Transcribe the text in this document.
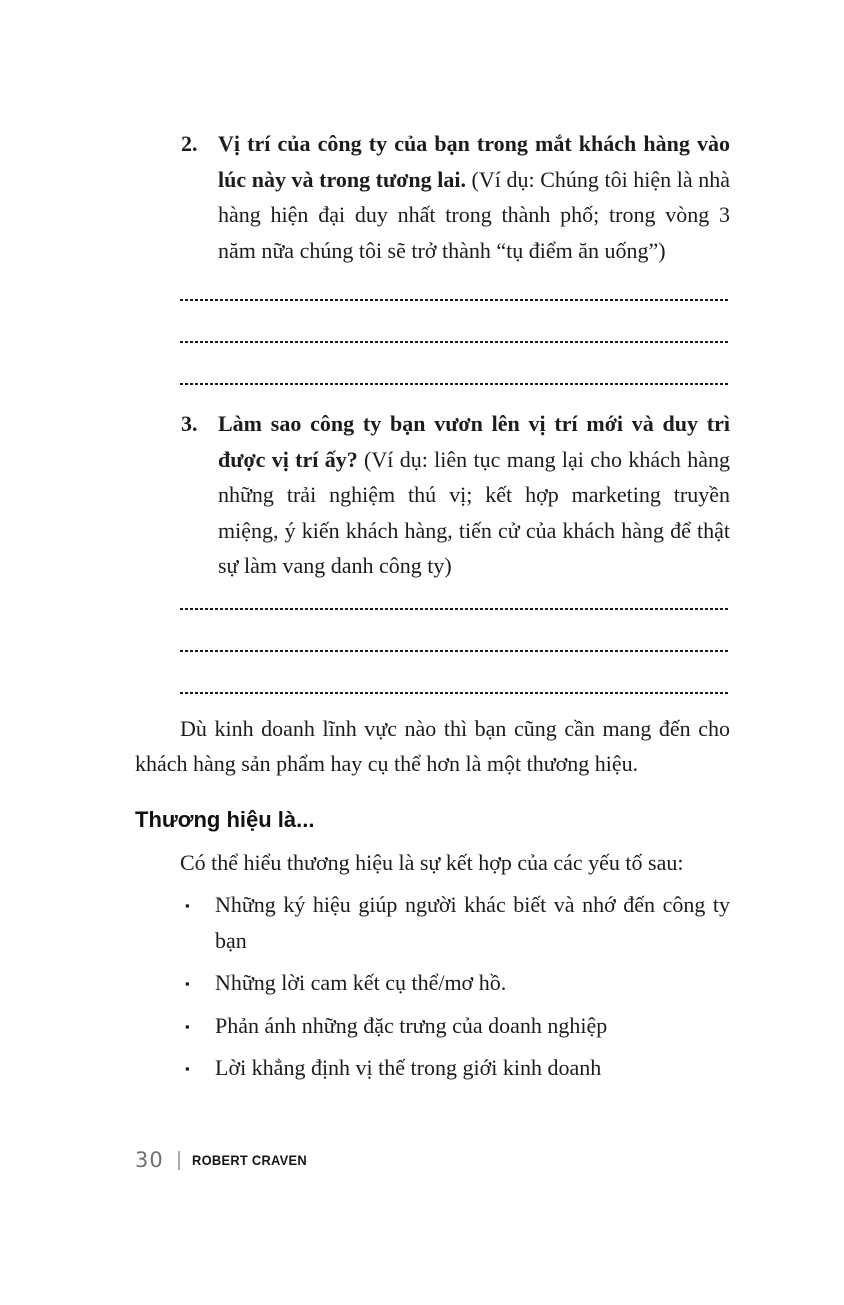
2. Vị trí của công ty của bạn trong mắt khách hàng vào lúc này và trong tương lai. (Ví dụ: Chúng tôi hiện là nhà hàng hiện đại duy nhất trong thành phố; trong vòng 3 năm nữa chúng tôi sẽ trở thành “tụ điểm ăn uống”)
3. Làm sao công ty bạn vươn lên vị trí mới và duy trì được vị trí ấy? (Ví dụ: liên tục mang lại cho khách hàng những trải nghiệm thú vị; kết hợp marketing truyền miệng, ý kiến khách hàng, tiến cử của khách hàng để thật sự làm vang danh công ty)

Dù kinh doanh lĩnh vực nào thì bạn cũng cần mang đến cho khách hàng sản phẩm hay cụ thể hơn là một thương hiệu.

Thương hiệu là...

Có thể hiểu thương hiệu là sự kết hợp của các yếu tố sau:

▪ Những ký hiệu giúp người khác biết và nhớ đến công ty bạn
▪ Những lời cam kết cụ thể/mơ hồ.
▪ Phản ánh những đặc trưng của doanh nghiệp
▪ Lời khẳng định vị thế trong giới kinh doanh
30 ROBERT CRAVEN
